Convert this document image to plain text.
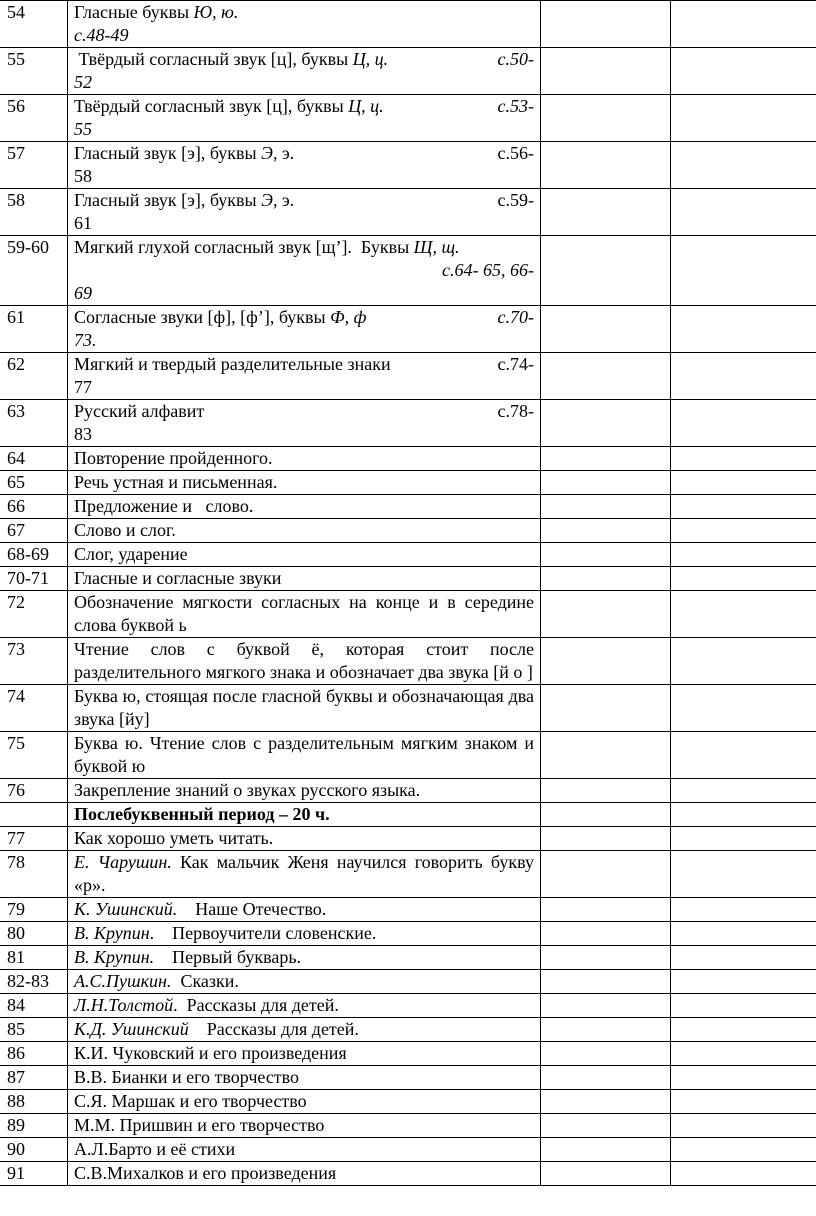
54	Гласные буквы Ю, ю.
с.48-49		

55	Твёрдый согласный звук [ц], буквы Ц, ц. с.50-
52		

56	Твёрдый согласный звук [ц], буквы Ц, ц. с.53-
55		

57	Гласный звук [э], буквы Э, э. с.56-
58		

58	Гласный звук [э], буквы Э, э. с.59-
61		

59-60	Мягкий глухой согласный звук [щ’].  Буквы Щ, щ.
с.64- 65, 66-
69		

61	Согласные звуки [ф], [ф’], буквы Ф, ф с.70-
73.		

62	Мягкий и твердый разделительные знаки с.74-
77		

63	Русский алфавит с.78-
83		

64	Повторение пройденного.		

65	Речь устная и письменная.		

66	Предложение и   слово.		

67	Слово и слог.		

68-69	Слог, ударение		

70-71	Гласные и согласные звуки		

72	Обозначение мягкости согласных на конце и в середине слова буквой ь		

73	Чтение слов с буквой ё, которая стоит после разделительного мягкого знака и обозначает два звука [й о ]		

74	Буква ю, стоящая после гласной буквы и обозначающая два звука [йу]		

75	Буква ю. Чтение слов с разделительным мягким знаком и буквой ю		

76	Закрепление знаний о звуках русского языка.		

	Послебуквенный период – 20 ч.		

77	Как хорошо уметь читать.		

78	Е. Чарушин. Как мальчик Женя научился говорить букву «р».		

79	К. Ушинский.    Наше Отечество.		

80	В. Крупин.    Первоучители словенские.		

81	В. Крупин.    Первый букварь.		

82-83	А.С.Пушкин.  Сказки.		

84	Л.Н.Толстой.  Рассказы для детей.		

85	К.Д. Ушинский    Рассказы для детей.		

86	К.И. Чуковский и его произведения		

87	В.В. Бианки и его творчество		

88	С.Я. Маршак и его творчество		

89	М.М. Пришвин и его творчество		

90	А.Л.Барто и её стихи		

91	С.В.Михалков и его произведения		
